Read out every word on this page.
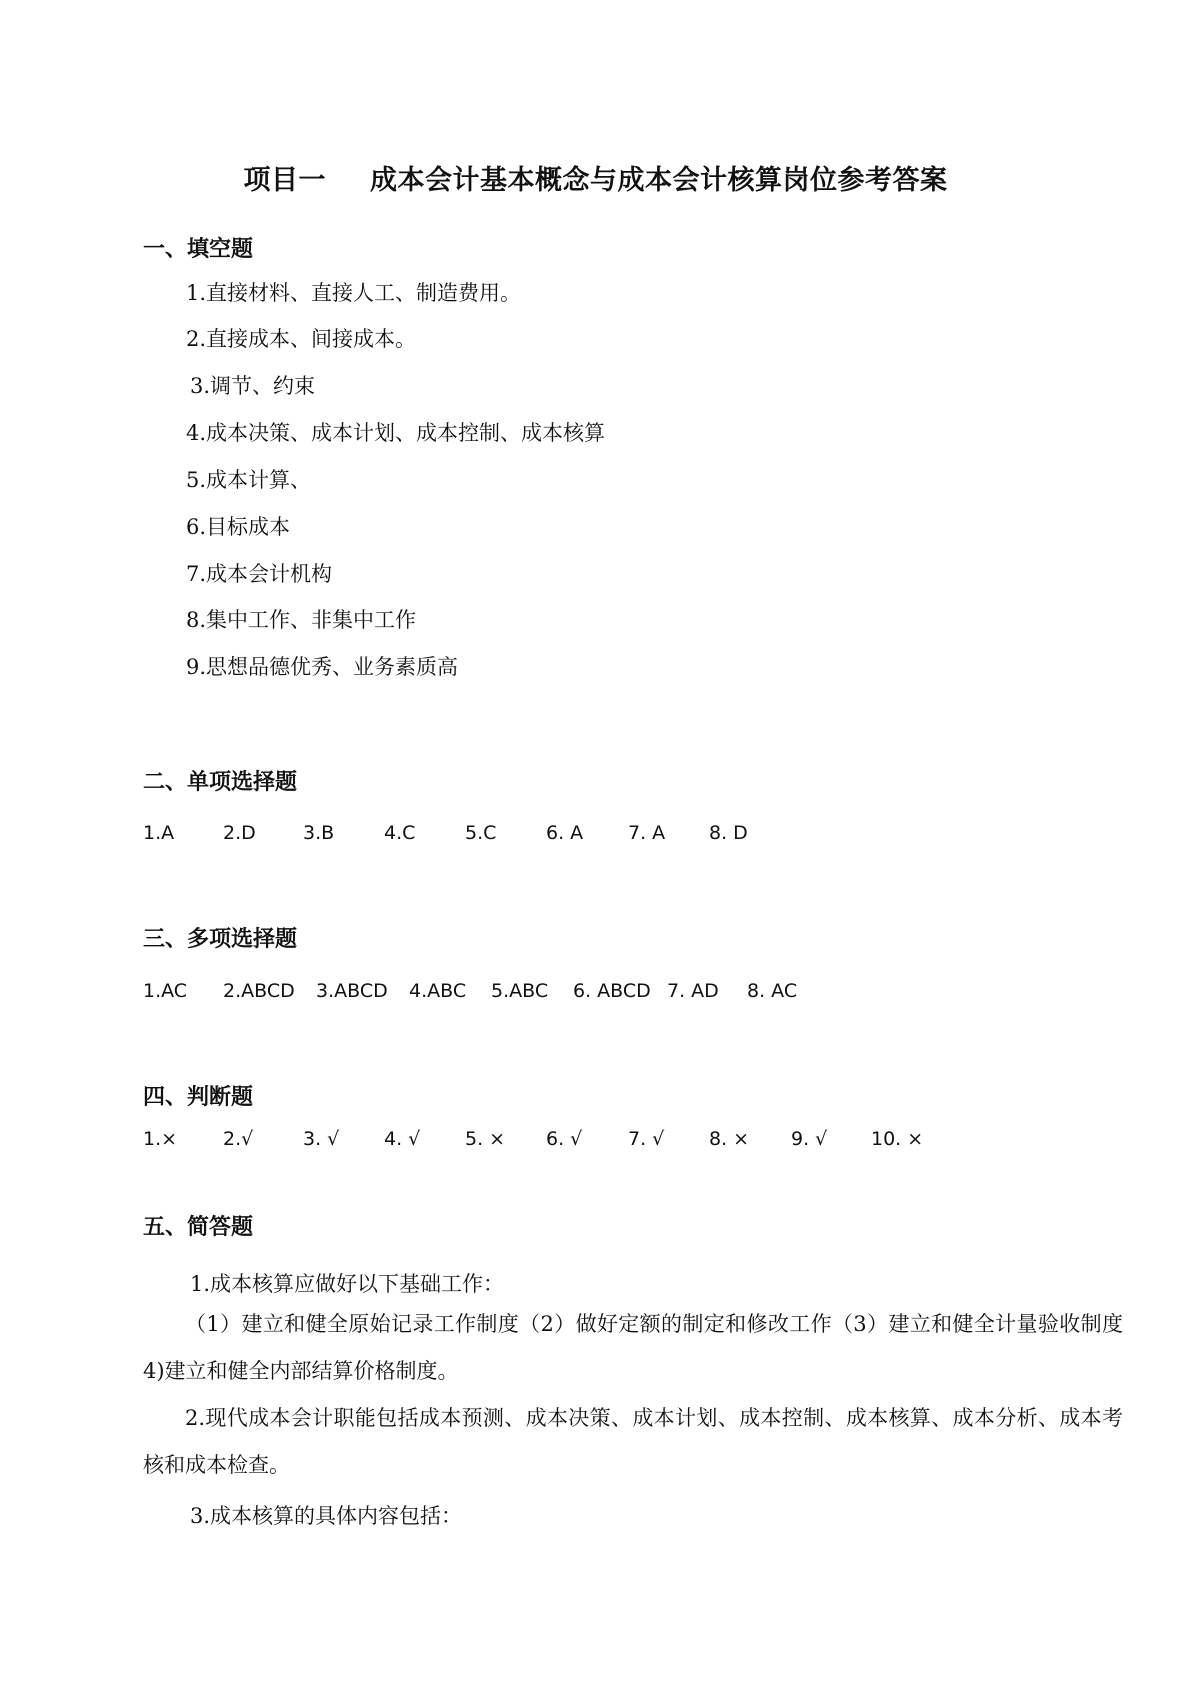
项目一 成本会计基本概念与成本会计核算岗位参考答案
一、填空题
1.直接材料、直接人工、制造费用。
2.直接成本、间接成本。
3.调节、约束
4.成本决策、成本计划、成本控制、成本核算
5.成本计算、
6.目标成本
7.成本会计机构
8.集中工作、非集中工作
9.思想品德优秀、业务素质高
二、单项选择题
1.A	2.D 3.B	4.C	5.C	6. A 7. A 8. D
三、多项选择题
1.AC 2.ABCD 3.ABCD 4.ABC 5.ABC 6. ABCD 7. AD 8. AC
四、判断题
1.× 2.√	3. √ 4. √ 5. × 6. √ 7. √ 8. × 9. √ 10. ×
五、简答题
1.成本核算应做好以下基础工作：
（1）建立和健全原始记录工作制度（2）做好定额的制定和修改工作（3）建立和健全计量验收制度 4)建立和健全内部结算价格制度。
2.现代成本会计职能包括成本预测、成本决策、成本计划、成本控制、成本核算、成本分析、成本考核和成本检查。
3.成本核算的具体内容包括：
